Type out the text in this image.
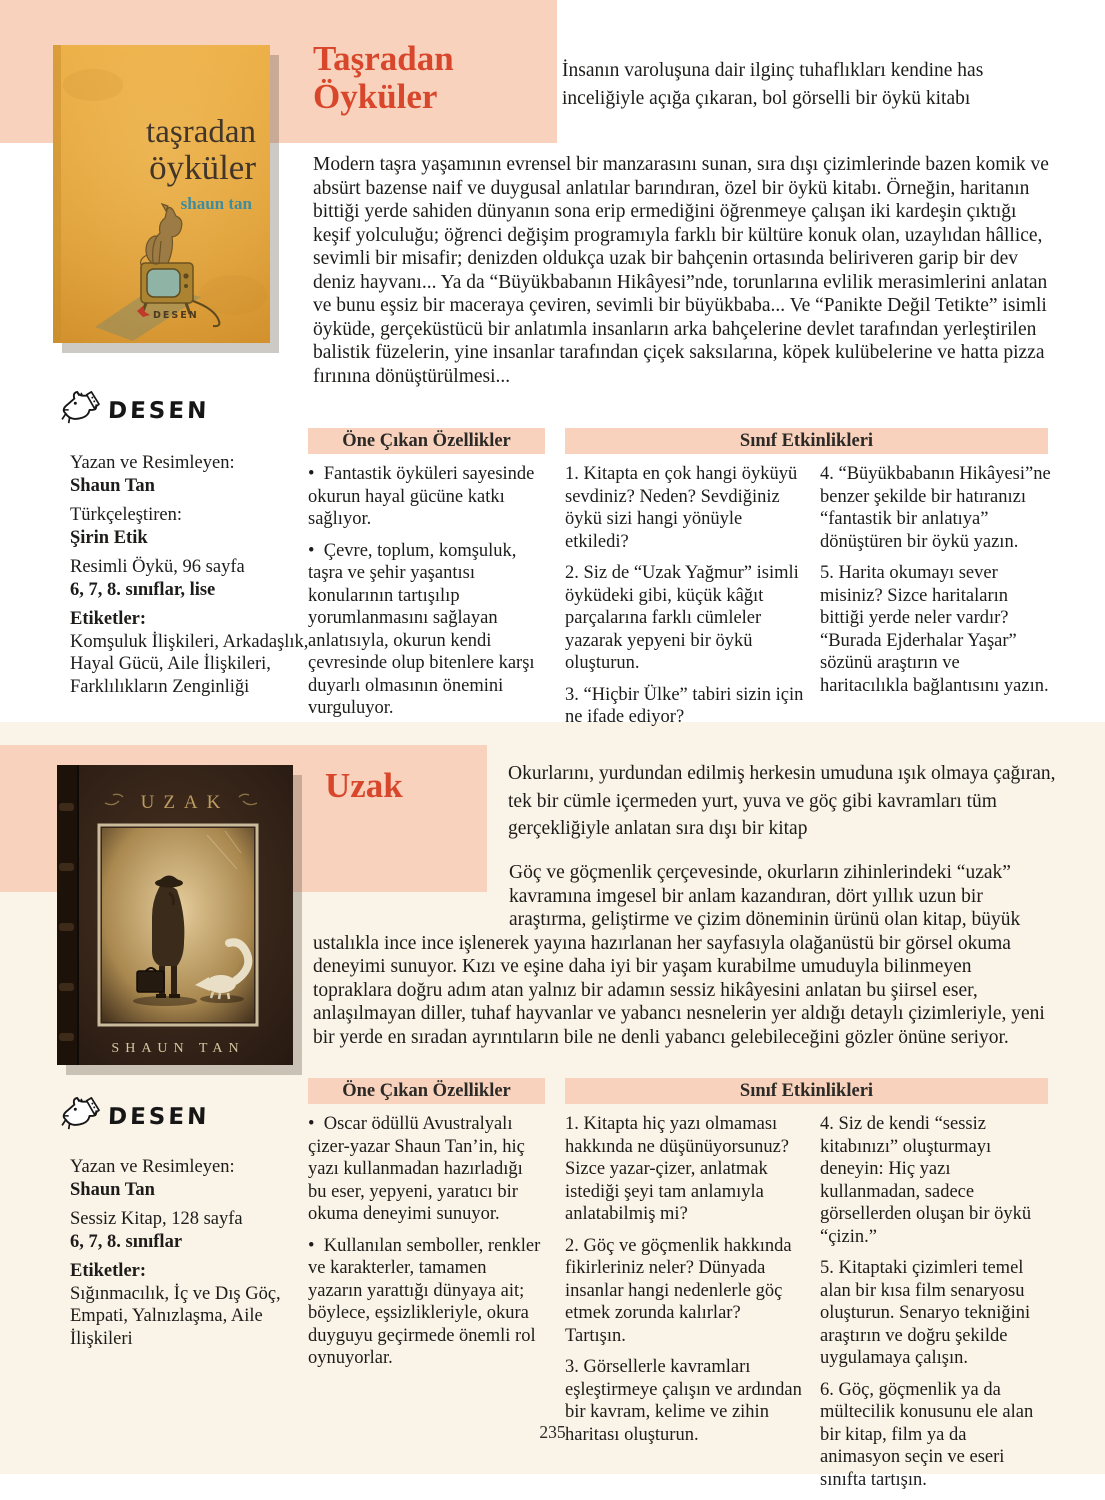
taşradan
öyküler
shaun tan
DESEN
Taşradan Öyküler
İnsanın varoluşuna dair ilginç tuhaflıkları kendine has inceliğiyle açığa çıkaran, bol görselli bir öykü kitabı
Modern taşra yaşamının evrensel bir manzarasını sunan, sıra dışı çizimlerinde bazen komik ve absürt bazense naif ve duygusal anlatılar barındıran, özel bir öykü kitabı. Örneğin, haritanın bittiği yerde sahiden dünyanın sona erip ermediğini öğrenmeye çalışan iki kardeşin çıktığı keşif yolculuğu; öğrenci değişim programıyla farklı bir kültüre konuk olan, uzaylıdan hâllice, sevimli bir misafir; denizden oldukça uzak bir bahçenin ortasında beliriveren garip bir dev deniz hayvanı... Ya da “Büyükbabanın Hikâyesi”nde, torunlarına evlilik merasimlerini anlatan ve bunu eşsiz bir maceraya çeviren, sevimli bir büyükbaba... Ve “Panikte Değil Tetikte” isimli öyküde, gerçeküstücü bir anlatımla insanların arka bahçelerine devlet tarafından yerleştirilen balistik füzelerin, yine insanlar tarafından çiçek saksılarına, köpek kulübelerine ve hatta pizza fırınına dönüştürülmesi...
DESEN

Yazan ve Resimleyen:
Shaun Tan

Türkçeleştiren:
Şirin Etik

Resimli Öykü, 96 sayfa
6, 7, 8. sınıflar, lise

Etiketler:
Komşuluk İlişkileri, Arkadaşlık, Hayal Gücü, Aile İlişkileri, Farklılıkların Zenginliği

Öne Çıkan Özellikler

•  Fantastik öyküleri sayesinde okurun hayal gücüne katkı sağlıyor.

•  Çevre, toplum, komşuluk, taşra ve şehir yaşantısı konularının tartışılıp yorumlanmasını sağlayan anlatısıyla, okurun kendi çevresinde olup bitenlere karşı duyarlı olmasının önemini vurguluyor.

Sınıf Etkinlikleri

1. Kitapta en çok hangi öyküyü sevdiniz? Neden? Sevdiğiniz öykü sizi hangi yönüyle etkiledi?

2. Siz de “Uzak Yağmur” isimli öyküdeki gibi, küçük kâğıt parçalarına farklı cümleler yazarak yepyeni bir öykü oluşturun.

3. “Hiçbir Ülke” tabiri sizin için ne ifade ediyor?

4. “Büyükbabanın Hikâyesi”ne benzer şekilde bir hatıranızı “fantastik bir anlatıya” dönüştüren bir öykü yazın.

5. Harita okumayı sever misiniz? Sizce haritaların bittiği yerde neler vardır? “Burada Ejderhalar Yaşar” sözünü araştırın ve haritacılıkla bağlantısını yazın.

UZAK
SHAUN TAN
Uzak	Okurlarını, yurdundan edilmiş herkesin umuduna ışık olmaya çağıran, tek bir cümle içermeden yurt, yuva ve göç gibi kavramları tüm gerçekliğiyle anlatan sıra dışı bir kitap
Göç ve göçmenlik çerçevesinde, okurların zihinlerindeki “uzak” kavramına imgesel bir anlam kazandıran, dört yıllık uzun bir araştırma, geliştirme ve çizim döneminin ürünü olan kitap, büyük ustalıkla ince ince işlenerek yayına hazırlanan her sayfasıyla olağanüstü bir görsel okuma deneyimi sunuyor. Kızı ve eşine daha iyi bir yaşam kurabilme umuduyla bilinmeyen topraklara doğru adım atan yalnız bir adamın sessiz hikâyesini anlatan bu şiirsel eser, anlaşılmayan diller, tuhaf hayvanlar ve yabancı nesnelerin yer aldığı detaylı çizimleriyle, yeni bir yerde en sıradan ayrıntıların bile ne denli yabancı gelebileceğini gözler önüne seriyor.
DESEN

Yazan ve Resimleyen:
Shaun Tan

Sessiz Kitap, 128 sayfa
6, 7, 8. sınıflar

Etiketler:
Sığınmacılık, İç ve Dış Göç, Empati, Yalnızlaşma, Aile İlişkileri

Öne Çıkan Özellikler

•  Oscar ödüllü Avustralyalı çizer-yazar Shaun Tan’in, hiç yazı kullanmadan hazırladığı bu eser, yepyeni, yaratıcı bir okuma deneyimi sunuyor.

•  Kullanılan semboller, renkler ve karakterler, tamamen yazarın yarattığı dünyaya ait; böylece, eşsizlikleriyle, okura duyguyu geçirmede önemli rol oynuyorlar.

Sınıf Etkinlikleri

1. Kitapta hiç yazı olmaması hakkında ne düşünüyorsunuz? Sizce yazar-çizer, anlatmak istediği şeyi tam anlamıyla anlatabilmiş mi?

2. Göç ve göçmenlik hakkında fikirleriniz neler? Dünyada insanlar hangi nedenlerle göç etmek zorunda kalırlar? Tartışın.

3. Görsellerle kavramları eşleştirmeye çalışın ve ardından bir kavram, kelime ve zihin haritası oluşturun.

4. Siz de kendi “sessiz kitabınızı” oluşturmayı deneyin: Hiç yazı kullanmadan, sadece görsellerden oluşan bir öykü “çizin.”

5. Kitaptaki çizimleri temel alan bir kısa film senaryosu oluşturun. Senaryo tekniğini araştırın ve doğru şekilde uygulamaya çalışın.

6. Göç, göçmenlik ya da mültecilik konusunu ele alan bir kitap, film ya da animasyon seçin ve eseri sınıfta tartışın.

235
